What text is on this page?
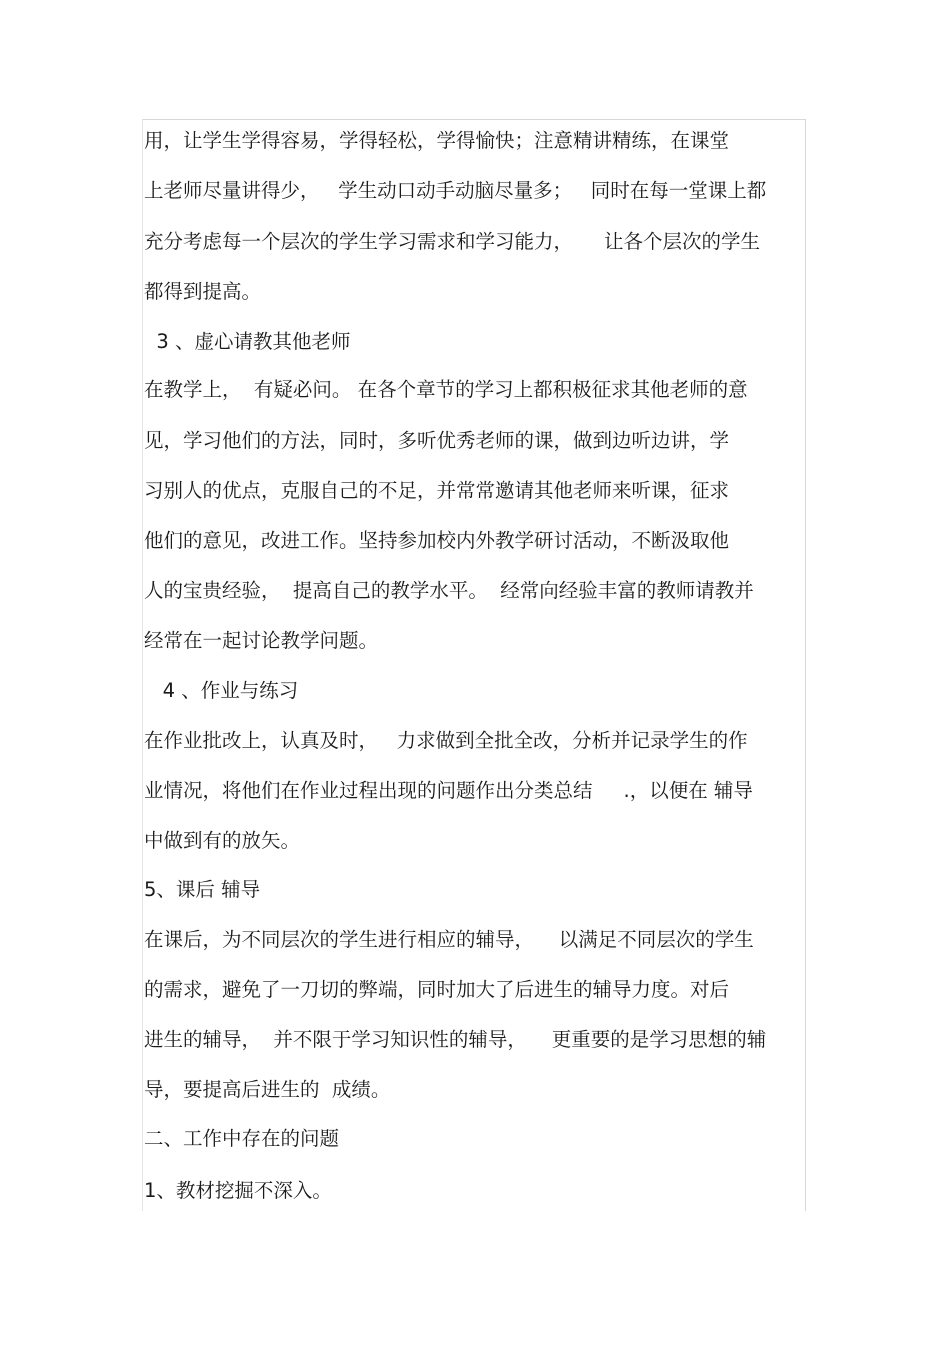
用，让学生学得容易，学得轻松，学得愉快；注意精讲精练，在课堂
上老师尽量讲得少，   学生动口动手动脑尽量多；   同时在每一堂课上都
充分考虑每一个层次的学生学习需求和学习能力，     让各个层次的学生
都得到提高。
3 、虚心请教其他老师
在教学上，  有疑必问。 在各个章节的学习上都积极征求其他老师的意
见，学习他们的方法，同时，多听优秀老师的课，做到边听边讲，学
习别人的优点，克服自己的不足，并常常邀请其他老师来听课，征求
他们的意见，改进工作。坚持参加校内外教学研讨活动，不断汲取他
人的宝贵经验，  提高自己的教学水平。  经常向经验丰富的教师请教并
经常在一起讨论教学问题。
4 、作业与练习
在作业批改上，认真及时，   力求做到全批全改，分析并记录学生的作
业情况，将他们在作业过程出现的问题作出分类总结     .，以便在 辅导
中做到有的放矢。
5、课后 辅导
在课后，为不同层次的学生进行相应的辅导，    以满足不同层次的学生
的需求，避免了一刀切的弊端，同时加大了后进生的辅导力度。对后
进生的辅导，  并不限于学习知识性的辅导，    更重要的是学习思想的辅
导，要提高后进生的  成绩。
二、工作中存在的问题
1、教材挖掘不深入。
